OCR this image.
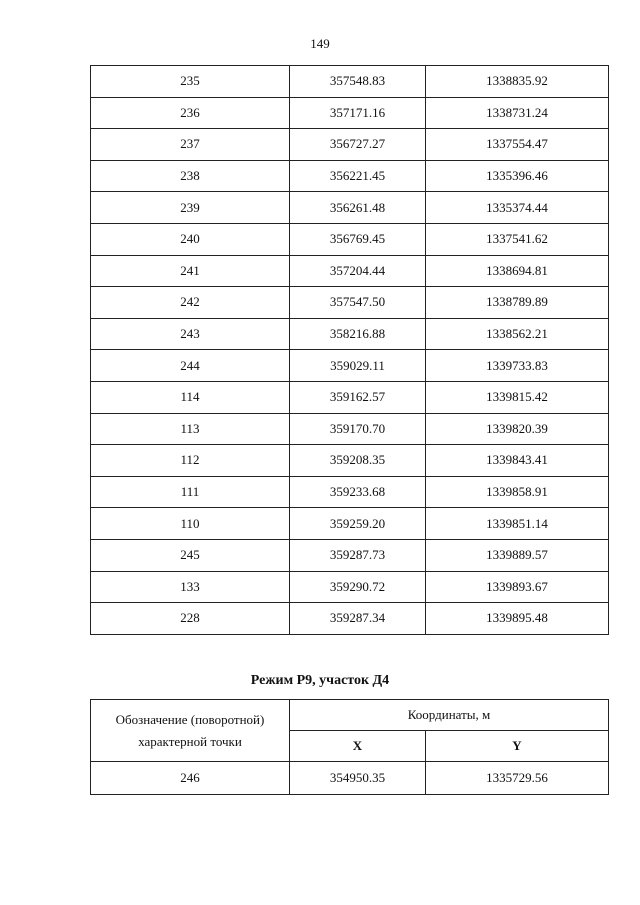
149
235	357548.83	1338835.92
236	357171.16	1338731.24
237	356727.27	1337554.47
238	356221.45	1335396.46
239	356261.48	1335374.44
240	356769.45	1337541.62
241	357204.44	1338694.81
242	357547.50	1338789.89
243	358216.88	1338562.21
244	359029.11	1339733.83
114	359162.57	1339815.42
113	359170.70	1339820.39
112	359208.35	1339843.41
111	359233.68	1339858.91
110	359259.20	1339851.14
245	359287.73	1339889.57
133	359290.72	1339893.67
228	359287.34	1339895.48
Режим Р9, участок Д4
Обозначение (поворотной) характерной точки	Координаты, м	
	X	Y
246	354950.35	1335729.56
